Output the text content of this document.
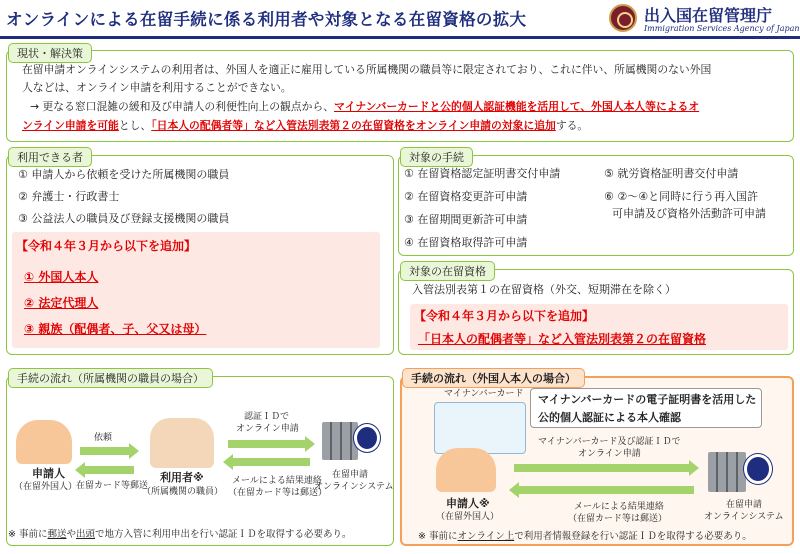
オンラインによる在留手続に係る利用者や対象となる在留資格の拡大	出入国在留管理庁
Immigration Services Agency of Japan
現状・解決策
在留申請オンラインシステムの利用者は、外国人を適正に雇用している所属機関の職員等に限定されており、これに伴い、所属機関のない外国
人などは、オンライン申請を利用することができない。
→ 更なる窓口混雑の緩和及び申請人の利便性向上の観点から、マイナンバーカードと公的個人認証機能を活用して、外国人本人等によるオ
ンライン申請を可能とし、「日本人の配偶者等」など入管法別表第２の在留資格をオンライン申請の対象に追加する。
利用できる者
① 申請人から依頼を受けた所属機関の職員
② 弁護士・行政書士
③ 公益法人の職員及び登録支援機関の職員
【令和４年３月から以下を追加】
① 外国人本人
② 法定代理人
③ 親族（配偶者、子、父又は母）
対象の手続
① 在留資格認定証明書交付申請
② 在留資格変更許可申請
③ 在留期間更新許可申請
④ 在留資格取得許可申請
⑤ 就労資格証明書交付申請
⑥ ②～④と同時に行う再入国許
可申請及び資格外活動許可申請
対象の在留資格
入管法別表第１の在留資格（外交、短期滞在を除く）
【令和４年３月から以下を追加】
「日本人の配偶者等」など入管法別表第２の在留資格
手続の流れ（所属機関の職員の場合）
申請人
（在留外国人）
依頼
在留カード等郵送
利用者※
（所属機関の職員）
認証ＩＤで
オンライン申請
メールによる結果連絡
（在留カード等は郵送）
在留申請
オンラインシステム
※ 事前に郵送や出頭で地方入管に利用申出を行い認証ＩＤを取得する必要あり。
手続の流れ（外国人本人の場合）
マイナンバーカード マイナンバーカードの電子証明書を活用した
公的個人認証による本人確認
マイナンバーカード及び認証ＩＤで
オンライン申請
メールによる結果連絡
（在留カード等は郵送）
申請人※
（在留外国人）
在留申請
オンラインシステム
※ 事前にオンライン上で利用者情報登録を行い認証ＩＤを取得する必要あり。
